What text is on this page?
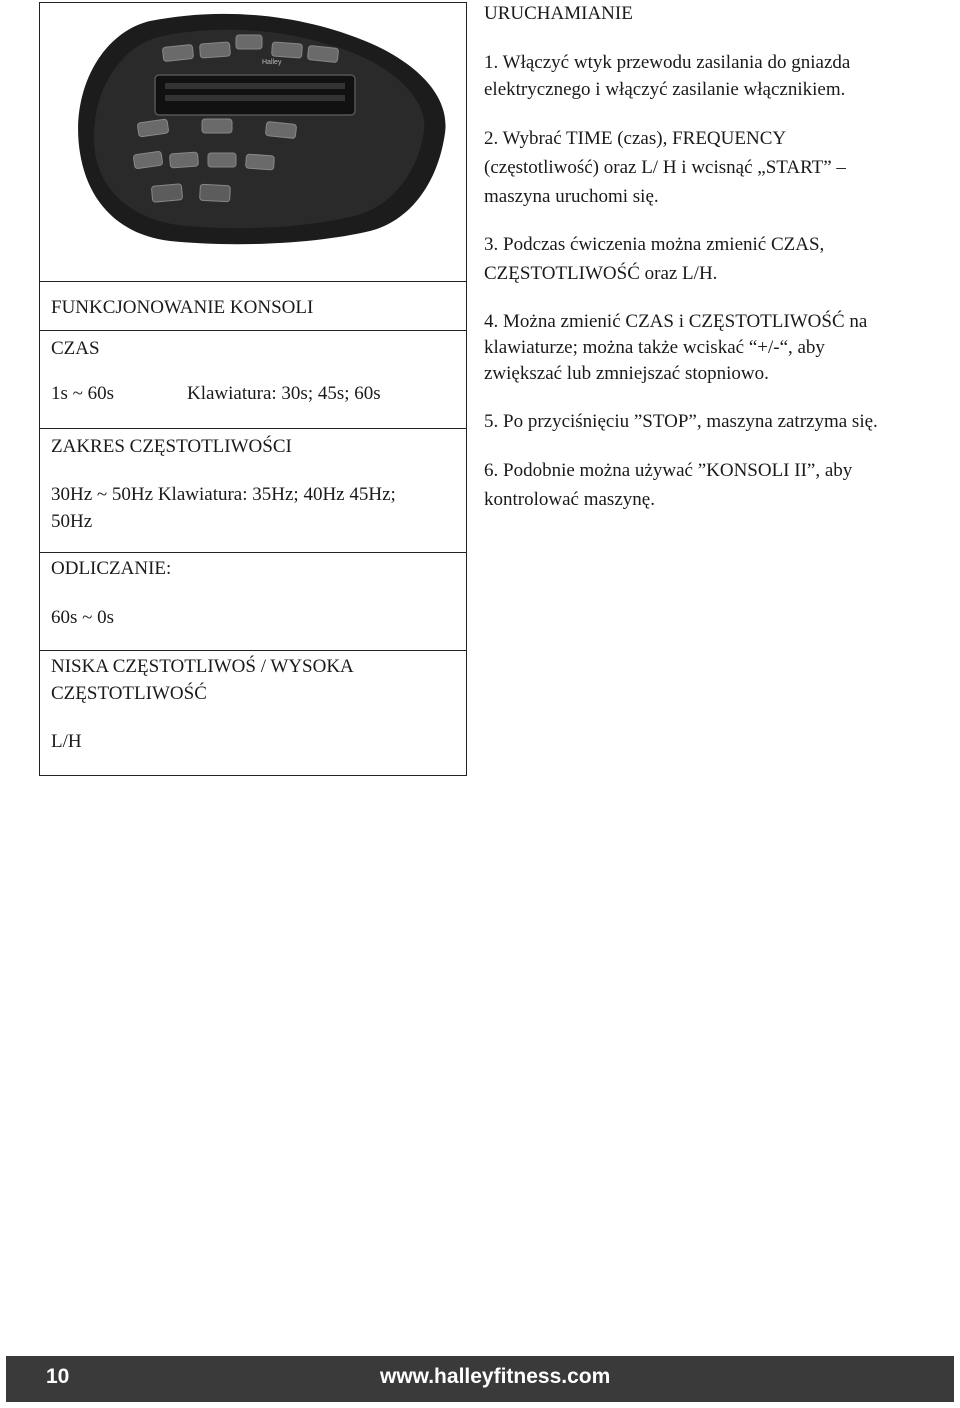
Halley
FUNKCJONOWANIE KONSOLI
CZAS
1s ~ 60s	Klawiatura: 30s; 45s; 60s
ZAKRES CZĘSTOTLIWOŚCI
30Hz ~ 50Hz Klawiatura: 35Hz; 40Hz 45Hz;
50Hz
ODLICZANIE:
60s ~ 0s
NISKA CZĘSTOTLIWOŚ / WYSOKA
CZĘSTOTLIWOŚĆ
L/H

URUCHAMIANIE

1. Włączyć wtyk przewodu zasilania do gniazda

elektrycznego i włączyć zasilanie włącznikiem.

2. Wybrać TIME (czas), FREQUENCY

(częstotliwość) oraz L/ H i wcisnąć „START” –

maszyna uruchomi się.

3. Podczas ćwiczenia można zmienić CZAS,

CZĘSTOTLIWOŚĆ oraz L/H.

4. Można zmienić CZAS i CZĘSTOTLIWOŚĆ na

klawiaturze; można także wciskać “+/-“, aby

zwiększać lub zmniejszać stopniowo.

5. Po przyciśnięciu ”STOP”, maszyna zatrzyma się.

6. Podobnie można używać ”KONSOLI II”, aby

kontrolować maszynę.

10	www.halleyfitness.com
